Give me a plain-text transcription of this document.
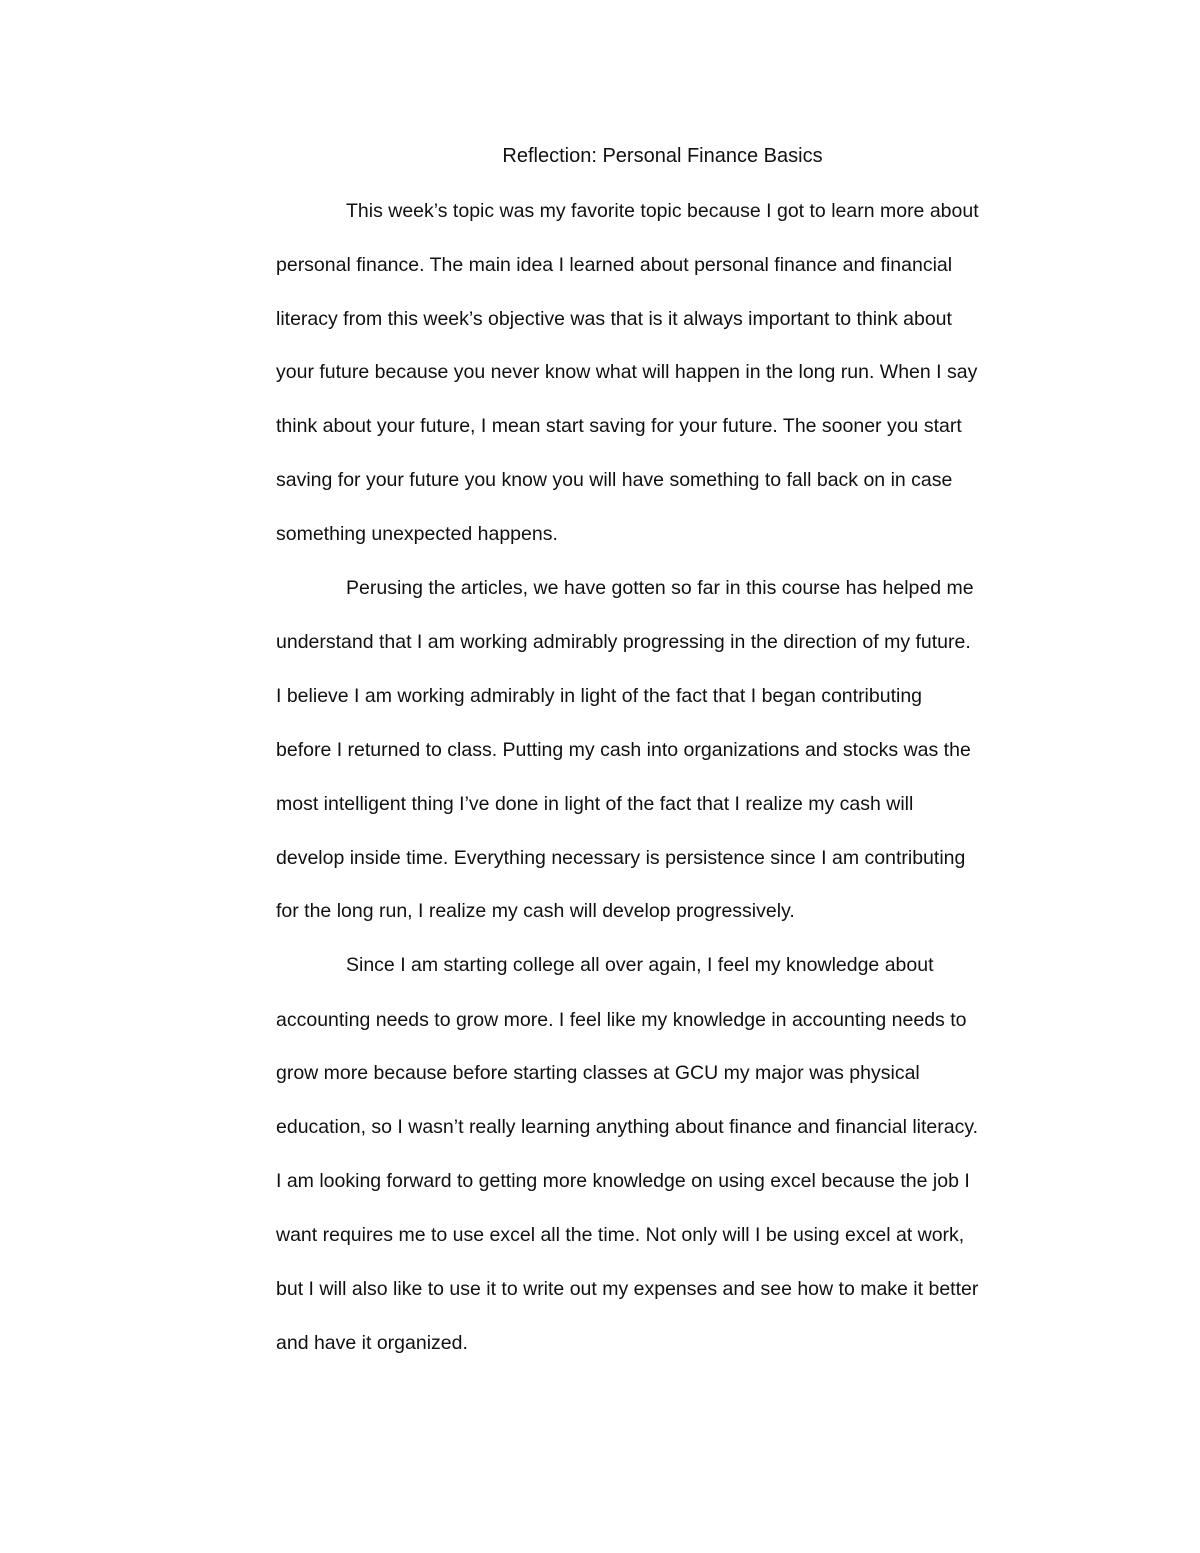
Reflection: Personal Finance Basics

This week’s topic was my favorite topic because I got to learn more about

personal finance. The main idea I learned about personal finance and financial

literacy from this week’s objective was that is it always important to think about

your future because you never know what will happen in the long run. When I say

think about your future, I mean start saving for your future. The sooner you start

saving for your future you know you will have something to fall back on in case

something unexpected happens.

Perusing the articles, we have gotten so far in this course has helped me

understand that I am working admirably progressing in the direction of my future.

I believe I am working admirably in light of the fact that I began contributing

before I returned to class. Putting my cash into organizations and stocks was the

most intelligent thing I’ve done in light of the fact that I realize my cash will

develop inside time. Everything necessary is persistence since I am contributing

for the long run, I realize my cash will develop progressively.

Since I am starting college all over again, I feel my knowledge about

accounting needs to grow more. I feel like my knowledge in accounting needs to

grow more because before starting classes at GCU my major was physical

education, so I wasn’t really learning anything about finance and financial literacy.

I am looking forward to getting more knowledge on using excel because the job I

want requires me to use excel all the time. Not only will I be using excel at work,

but I will also like to use it to write out my expenses and see how to make it better

and have it organized.
